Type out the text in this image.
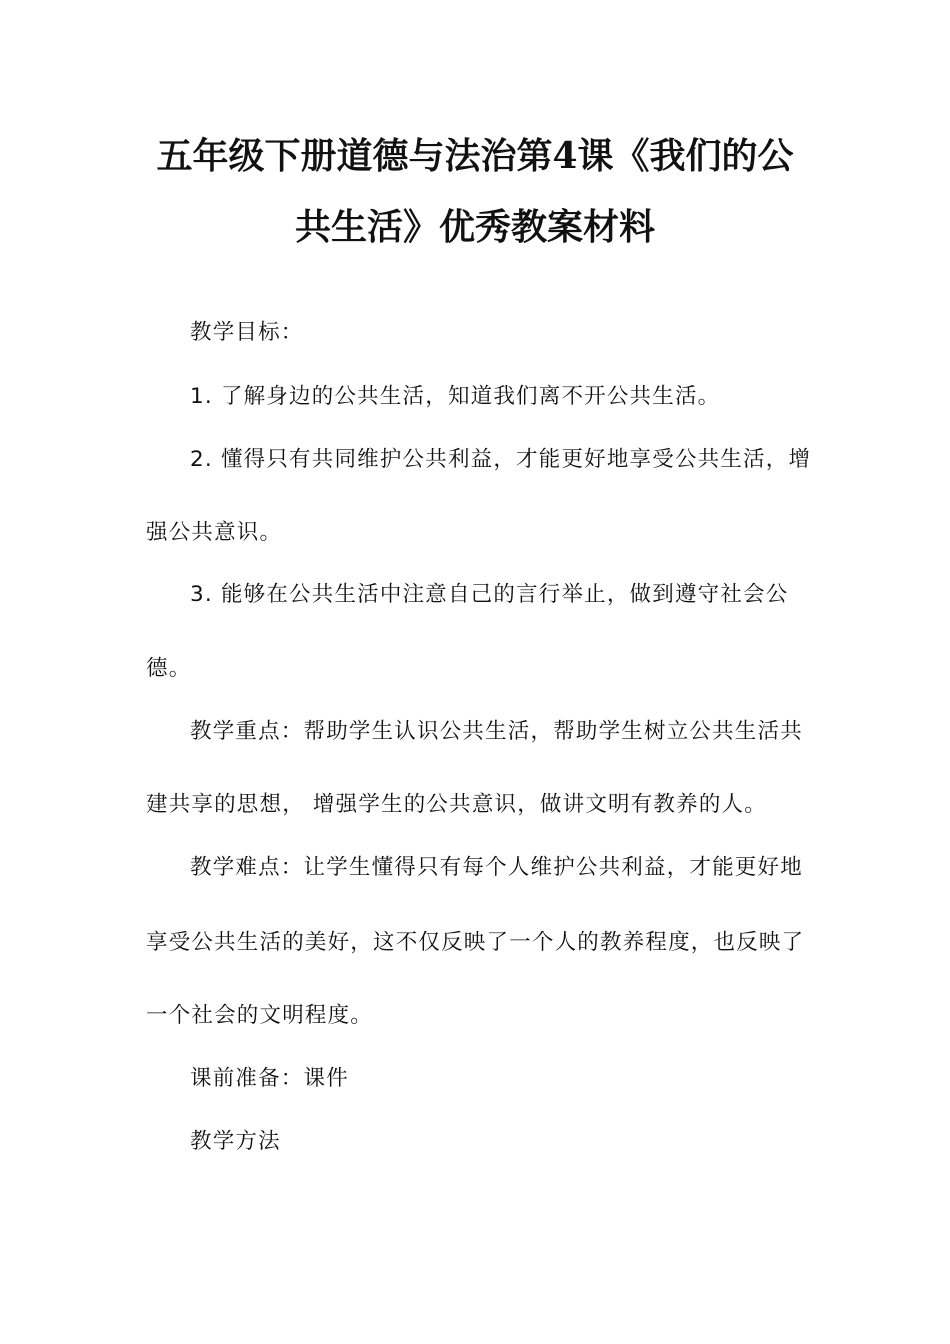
五年级下册道德与法治第4课《我们的公
共生活》优秀教案材料
教学目标：
1. 了解身边的公共生活，知道我们离不开公共生活。
2. 懂得只有共同维护公共利益，才能更好地享受公共生活，增
强公共意识。
3. 能够在公共生活中注意自己的言行举止，做到遵守社会公
德。
教学重点：帮助学生认识公共生活，帮助学生树立公共生活共
建共享的思想， 增强学生的公共意识，做讲文明有教养的人。
教学难点：让学生懂得只有每个人维护公共利益，才能更好地
享受公共生活的美好，这不仅反映了一个人的教养程度，也反映了
一个社会的文明程度。
课前准备：课件
教学方法
